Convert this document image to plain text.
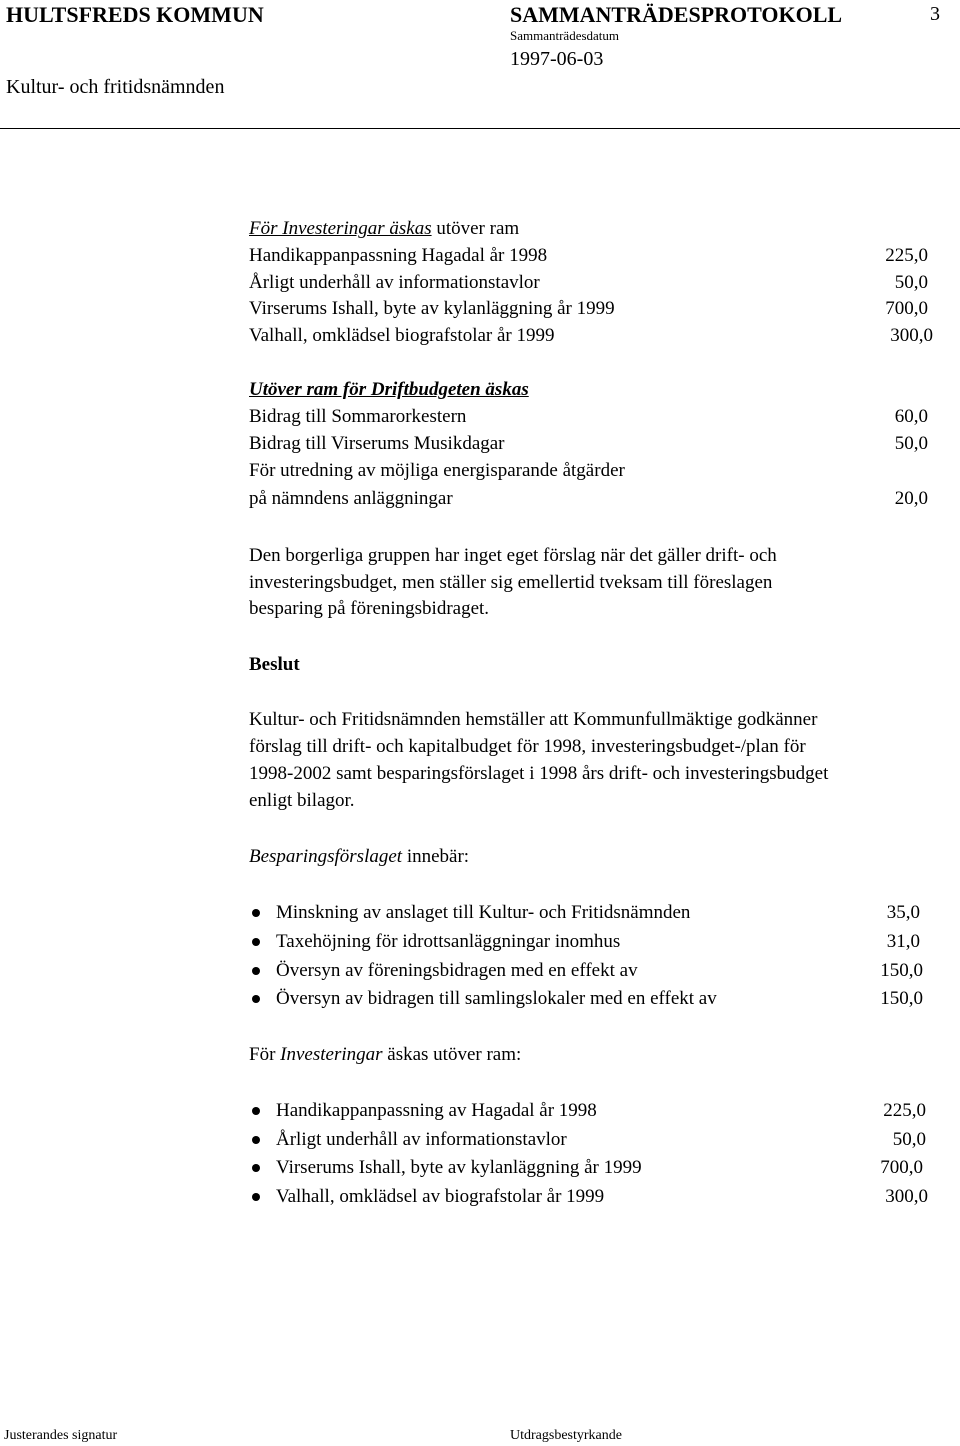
HULTSFREDS KOMMUN	SAMMANTRÄDESPROTOKOLL	3
Sammanträdesdatum
1997-06-03
Kultur- och fritidsnämnden
För Investeringar äskas utöver ram
Handikappanpassning Hagadal år 1998	225,0
Årligt underhåll av informationstavlor	50,0
Virserums Ishall, byte av kylanläggning år 1999	700,0
Valhall, omklädsel biografstolar år 1999	300,0
Utöver ram för Driftbudgeten äskas
Bidrag till Sommarorkestern	60,0
Bidrag till Virserums Musikdagar	50,0
För utredning av möjliga energisparande åtgärder
på nämndens anläggningar	20,0
Den borgerliga gruppen har inget eget förslag när det gäller drift- och
investeringsbudget, men ställer sig emellertid tveksam till föreslagen
besparing på föreningsbidraget.
Beslut
Kultur- och Fritidsnämnden hemställer att Kommunfullmäktige godkänner
förslag till drift- och kapitalbudget för 1998, investeringsbudget-/plan för
1998-2002 samt besparingsförslaget i 1998 års drift- och investeringsbudget
enligt bilagor.
Besparingsförslaget innebär:
Minskning av anslaget till Kultur- och Fritidsnämnden	35,0
Taxehöjning för idrottsanläggningar inomhus	31,0
Översyn av föreningsbidragen med en effekt av	150,0
Översyn av bidragen till samlingslokaler med en effekt av	150,0
För Investeringar äskas utöver ram:
Handikappanpassning av Hagadal år 1998	225,0
Årligt underhåll av informationstavlor	50,0
Virserums Ishall, byte av kylanläggning år 1999	700,0
Valhall, omklädsel av biografstolar år 1999	300,0
Justerandes signatur	Utdragsbestyrkande
